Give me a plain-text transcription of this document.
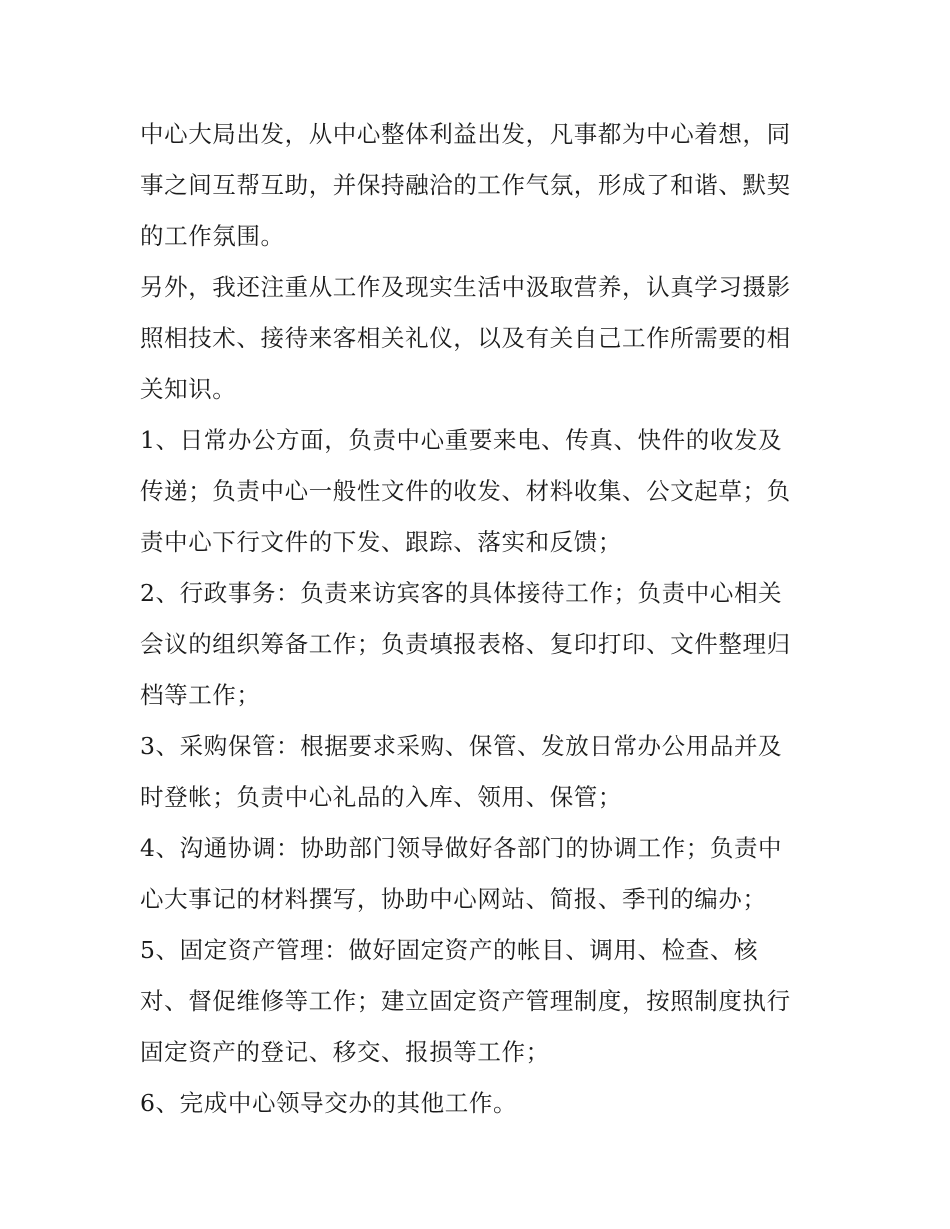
中心大局出发，从中心整体利益出发，凡事都为中心着想，同
事之间互帮互助，并保持融洽的工作气氛，形成了和谐、默契
的工作氛围。
另外，我还注重从工作及现实生活中汲取营养，认真学习摄影
照相技术、接待来客相关礼仪，以及有关自己工作所需要的相
关知识。
1、日常办公方面，负责中心重要来电、传真、快件的收发及
传递；负责中心一般性文件的收发、材料收集、公文起草；负
责中心下行文件的下发、跟踪、落实和反馈；
2、行政事务：负责来访宾客的具体接待工作；负责中心相关
会议的组织筹备工作；负责填报表格、复印打印、文件整理归
档等工作；
3、采购保管：根据要求采购、保管、发放日常办公用品并及
时登帐；负责中心礼品的入库、领用、保管；
4、沟通协调：协助部门领导做好各部门的协调工作；负责中
心大事记的材料撰写，协助中心网站、简报、季刊的编办；
5、固定资产管理：做好固定资产的帐目、调用、检查、核
对、督促维修等工作；建立固定资产管理制度，按照制度执行
固定资产的登记、移交、报损等工作；
6、完成中心领导交办的其他工作。
